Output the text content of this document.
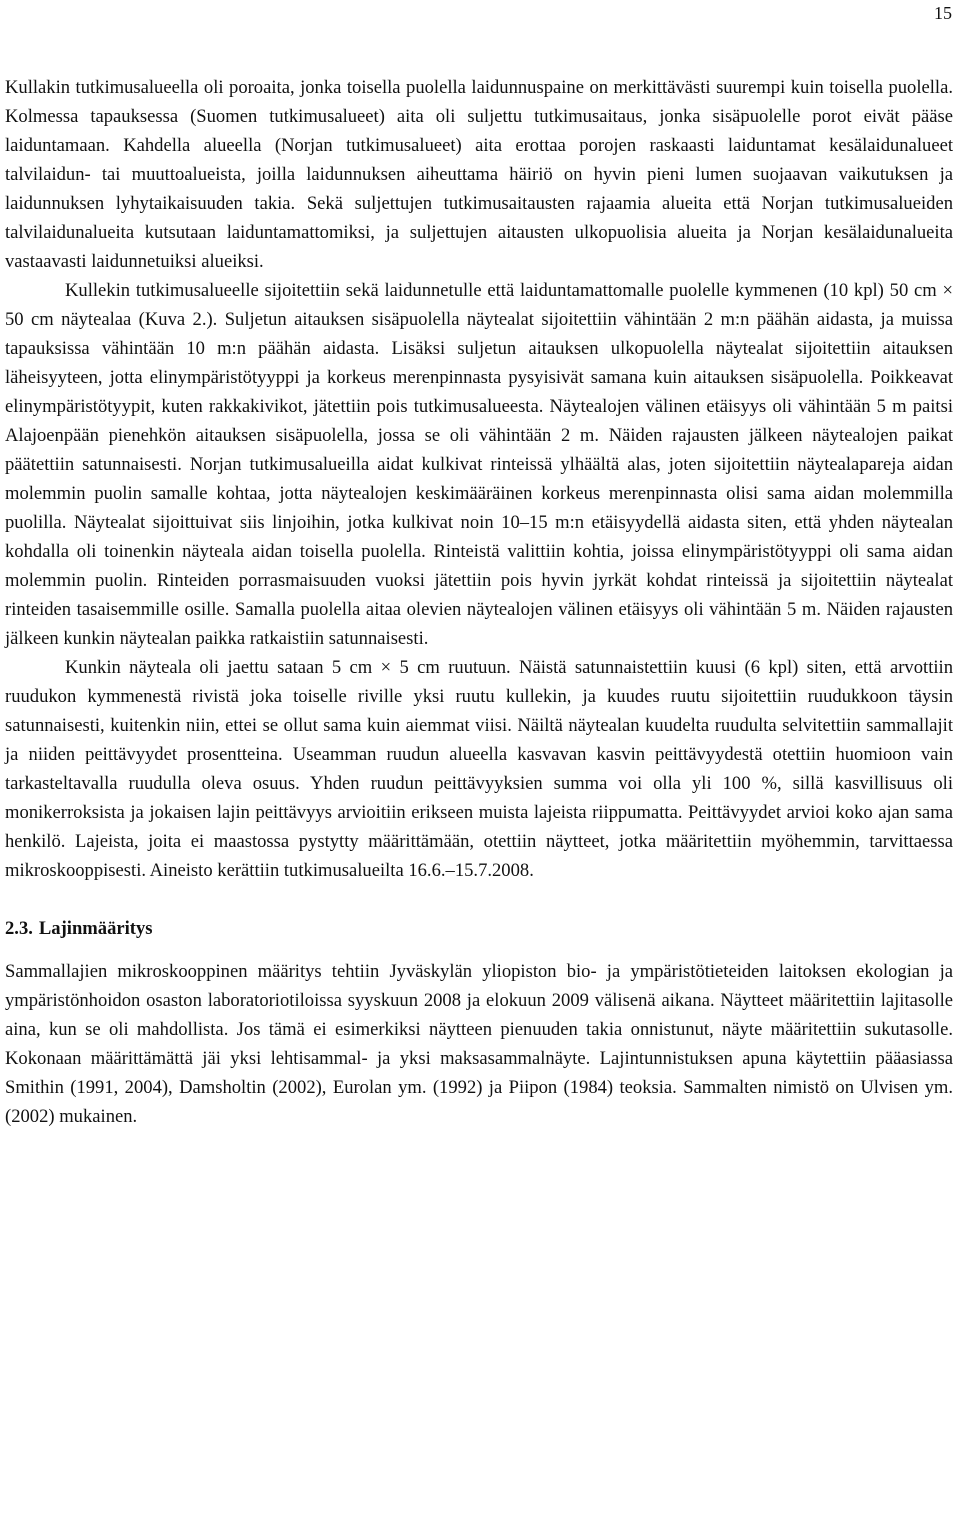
15

Kullakin tutkimusalueella oli poroaita, jonka toisella puolella laidunnuspaine on merkittävästi suurempi kuin toisella puolella. Kolmessa tapauksessa (Suomen tutkimusalueet) aita oli suljettu tutkimusaitaus, jonka sisäpuolelle porot eivät pääse laiduntamaan. Kahdella alueella (Norjan tutkimusalueet) aita erottaa porojen raskaasti laiduntamat kesälaidunalueet talvilaidun- tai muuttoalueista, joilla laidunnuksen aiheuttama häiriö on hyvin pieni lumen suojaavan vaikutuksen ja laidunnuksen lyhytaikaisuuden takia. Sekä suljettujen tutkimusaitausten rajaamia alueita että Norjan tutkimusalueiden talvilaidunalueita kutsutaan laiduntamattomiksi, ja suljettujen aitausten ulkopuolisia alueita ja Norjan kesälaidunalueita vastaavasti laidunnetuiksi alueiksi.

Kullekin tutkimusalueelle sijoitettiin sekä laidunnetulle että laiduntamattomalle puolelle kymmenen (10 kpl) 50 cm × 50 cm näytealaa (Kuva 2.). Suljetun aitauksen sisäpuolella näytealat sijoitettiin vähintään 2 m:n päähän aidasta, ja muissa tapauksissa vähintään 10 m:n päähän aidasta. Lisäksi suljetun aitauksen ulkopuolella näytealat sijoitettiin aitauksen läheisyyteen, jotta elinympäristötyyppi ja korkeus merenpinnasta pysyisivät samana kuin aitauksen sisäpuolella. Poikkeavat elinympäristötyypit, kuten rakkakivikot, jätettiin pois tutkimusalueesta. Näytealojen välinen etäisyys oli vähintään 5 m paitsi Alajoenpään pienehkön aitauksen sisäpuolella, jossa se oli vähintään 2 m. Näiden rajausten jälkeen näytealojen paikat päätettiin satunnaisesti. Norjan tutkimusalueilla aidat kulkivat rinteissä ylhäältä alas, joten sijoitettiin näytealapareja aidan molemmin puolin samalle kohtaa, jotta näytealojen keskimääräinen korkeus merenpinnasta olisi sama aidan molemmilla puolilla. Näytealat sijoittuivat siis linjoihin, jotka kulkivat noin 10–15 m:n etäisyydellä aidasta siten, että yhden näytealan kohdalla oli toinenkin näyteala aidan toisella puolella. Rinteistä valittiin kohtia, joissa elinympäristötyyppi oli sama aidan molemmin puolin. Rinteiden porrasmaisuuden vuoksi jätettiin pois hyvin jyrkät kohdat rinteissä ja sijoitettiin näytealat rinteiden tasaisemmille osille. Samalla puolella aitaa olevien näytealojen välinen etäisyys oli vähintään 5 m. Näiden rajausten jälkeen kunkin näytealan paikka ratkaistiin satunnaisesti.

Kunkin näyteala oli jaettu sataan 5 cm × 5 cm ruutuun. Näistä satunnaistettiin kuusi (6 kpl) siten, että arvottiin ruudukon kymmenestä rivistä joka toiselle riville yksi ruutu kullekin, ja kuudes ruutu sijoitettiin ruudukkoon täysin satunnaisesti, kuitenkin niin, ettei se ollut sama kuin aiemmat viisi. Näiltä näytealan kuudelta ruudulta selvitettiin sammallajit ja niiden peittävyydet prosentteina. Useamman ruudun alueella kasvavan kasvin peittävyydestä otettiin huomioon vain tarkasteltavalla ruudulla oleva osuus. Yhden ruudun peittävyyksien summa voi olla yli 100 %, sillä kasvillisuus oli monikerroksista ja jokaisen lajin peittävyys arvioitiin erikseen muista lajeista riippumatta. Peittävyydet arvioi koko ajan sama henkilö. Lajeista, joita ei maastossa pystytty määrittämään, otettiin näytteet, jotka määritettiin myöhemmin, tarvittaessa mikroskooppisesti. Aineisto kerättiin tutkimusalueilta 16.6.–15.7.2008.

2.3. Lajinmääritys

Sammallajien mikroskooppinen määritys tehtiin Jyväskylän yliopiston bio- ja ympäristötieteiden laitoksen ekologian ja ympäristönhoidon osaston laboratoriotiloissa syyskuun 2008 ja elokuun 2009 välisenä aikana. Näytteet määritettiin lajitasolle aina, kun se oli mahdollista. Jos tämä ei esimerkiksi näytteen pienuuden takia onnistunut, näyte määritettiin sukutasolle. Kokonaan määrittämättä jäi yksi lehtisammal- ja yksi maksasammalnäyte. Lajintunnistuksen apuna käytettiin pääasiassa Smithin (1991, 2004), Damsholtin (2002), Eurolan ym. (1992) ja Piipon (1984) teoksia. Sammalten nimistö on Ulvisen ym. (2002) mukainen.
